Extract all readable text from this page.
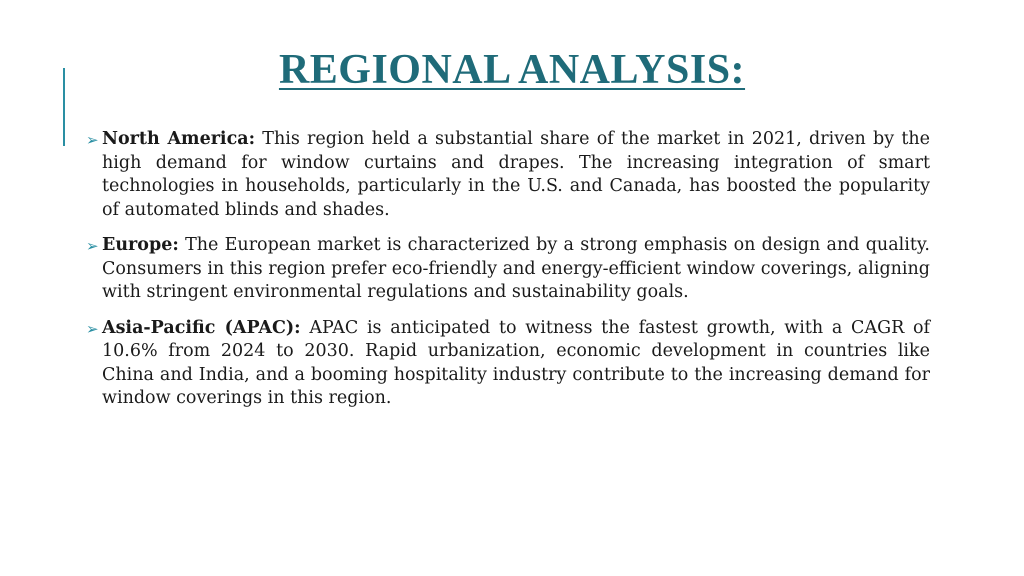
REGIONAL ANALYSIS:

➢ North America: This region held a substantial share of the market in 2021, driven by the high demand for window curtains and drapes. The increasing integration of smart technologies in households, particularly in the U.S. and Canada, has boosted the popularity of automated blinds and shades.

➢ Europe: The European market is characterized by a strong emphasis on design and quality. Consumers in this region prefer eco-friendly and energy-efficient window coverings, aligning with stringent environmental regulations and sustainability goals.

➢ Asia-Pacific (APAC): APAC is anticipated to witness the fastest growth, with a CAGR of 10.6% from 2024 to 2030. Rapid urbanization, economic development in countries like China and India, and a booming hospitality industry contribute to the increasing demand for window coverings in this region.
